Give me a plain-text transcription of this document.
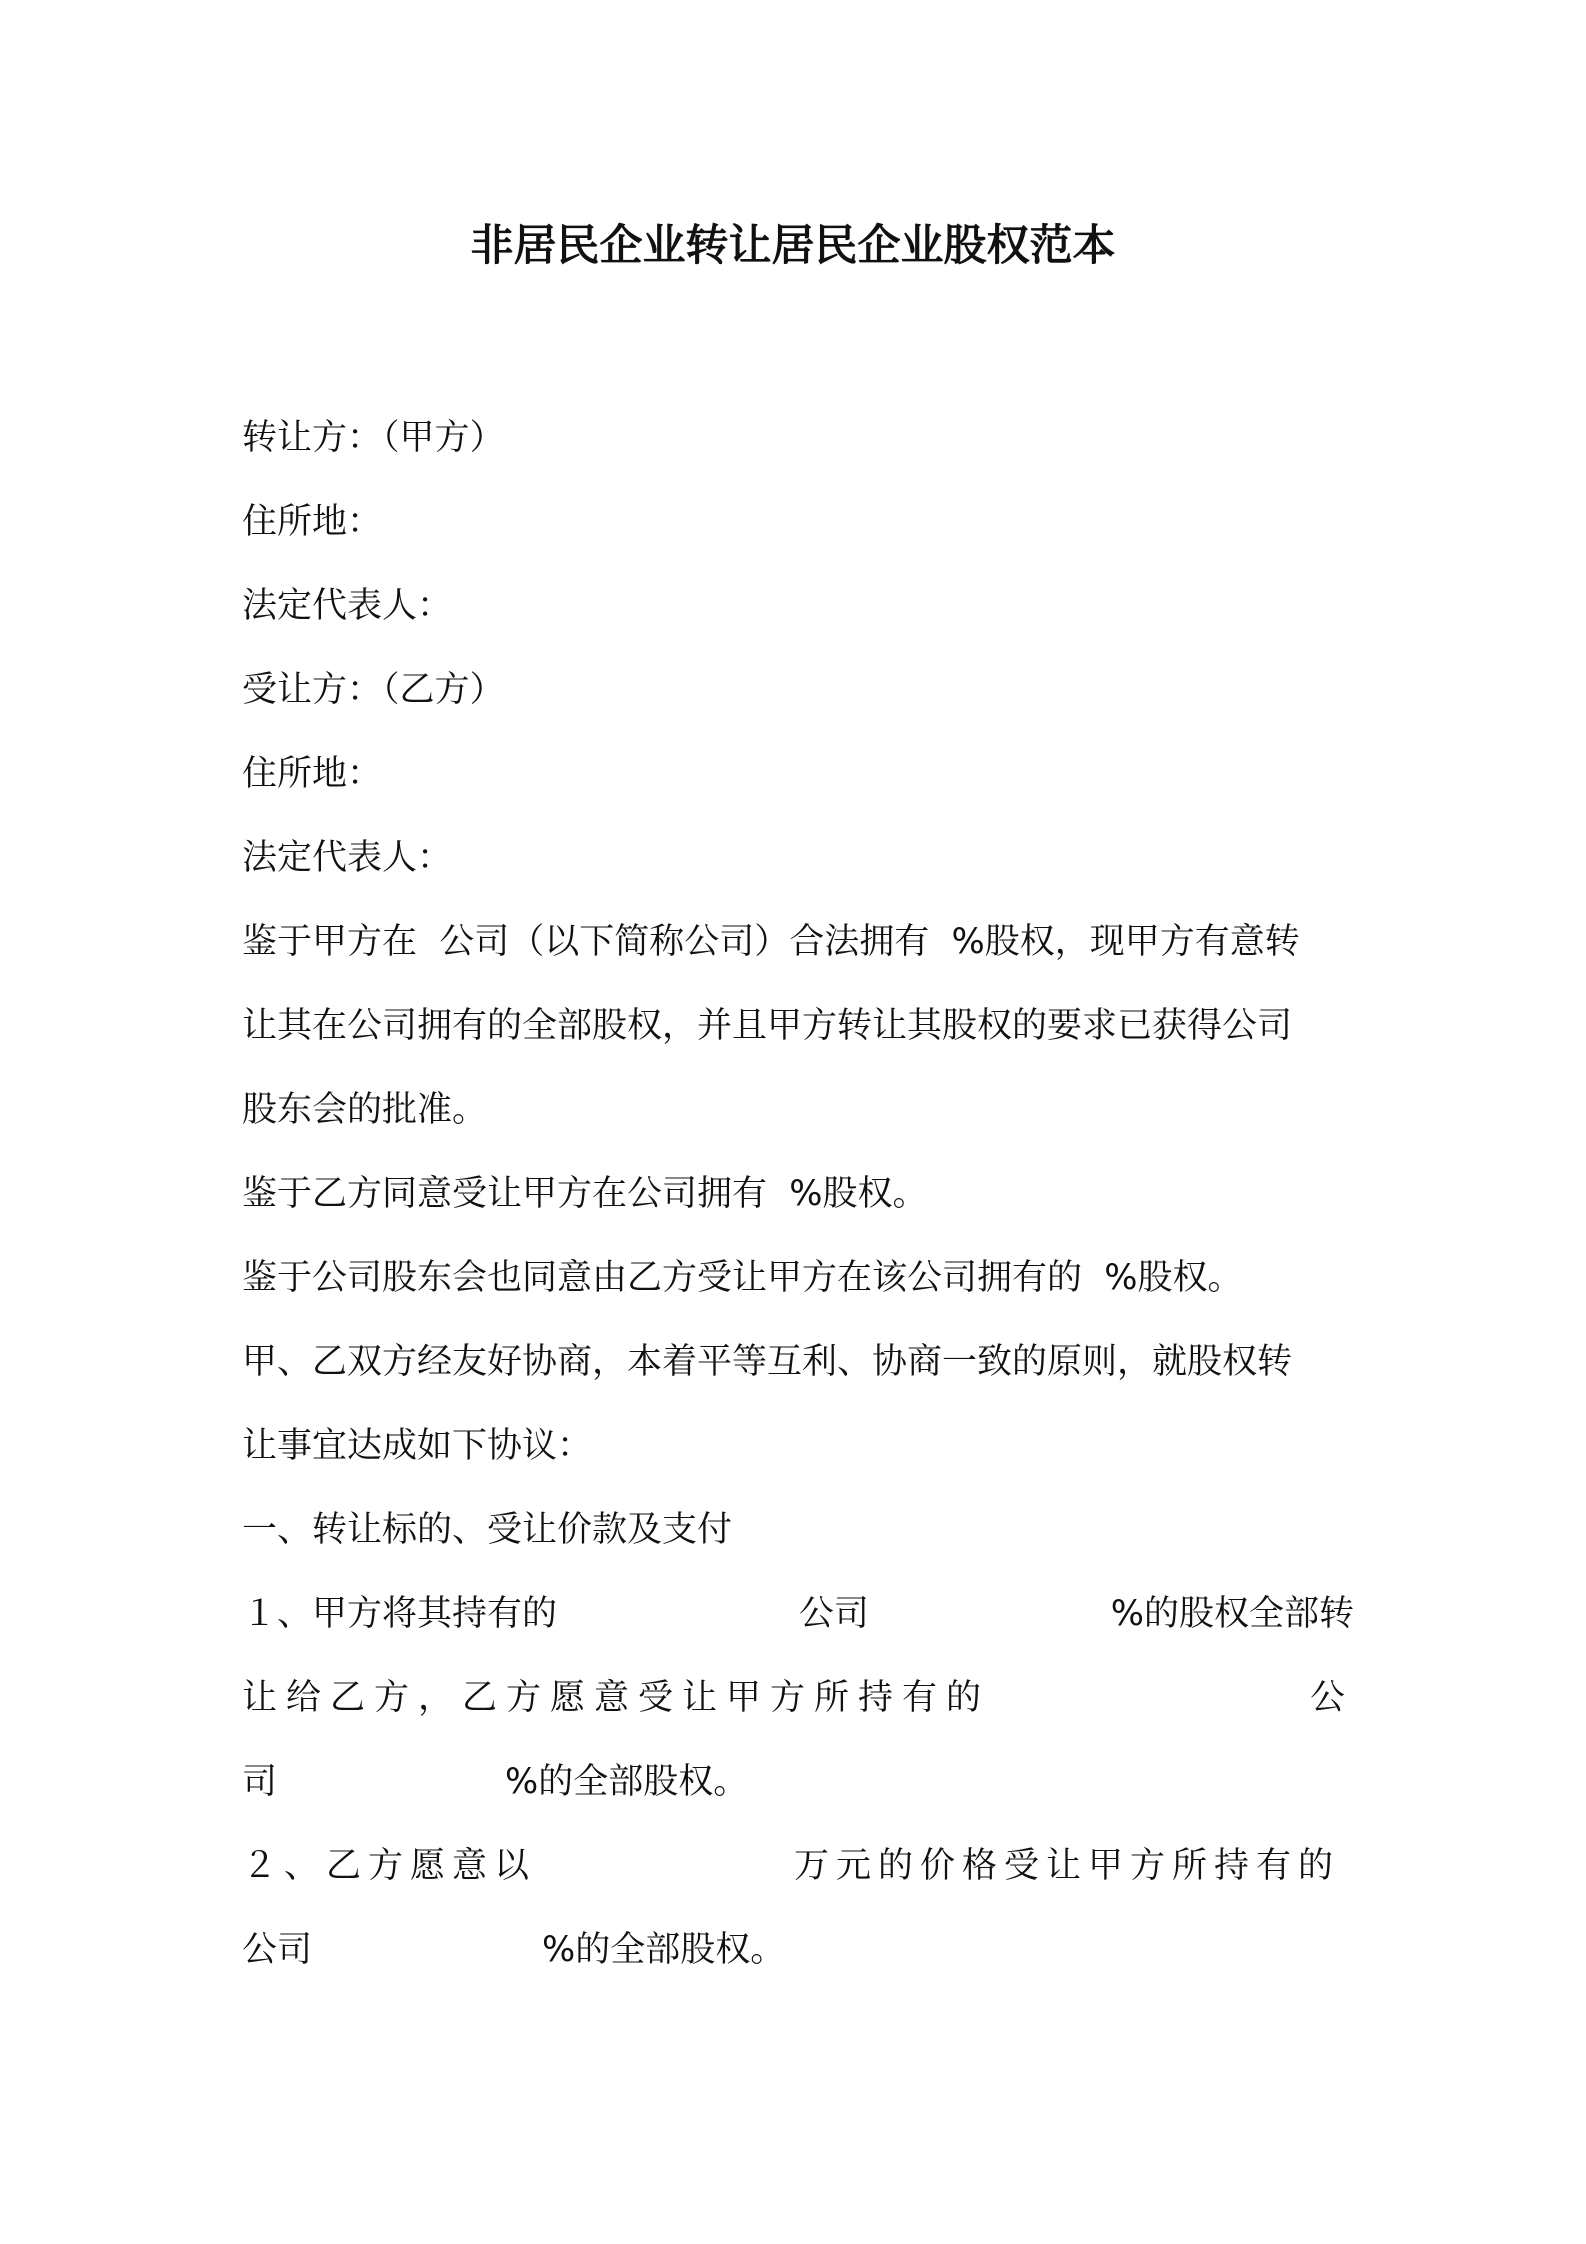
非居民企业转让居民企业股权范本
转让方：（甲方）
住所地：
法定代表人：
受让方：（乙方）
住所地：
法定代表人：
鉴于甲方在  公司（以下简称公司）合法拥有  %股权，现甲方有意转
让其在公司拥有的全部股权，并且甲方转让其股权的要求已获得公司
股东会的批准。
鉴于乙方同意受让甲方在公司拥有  %股权。
鉴于公司股东会也同意由乙方受让甲方在该公司拥有的  %股权。
甲、乙双方经友好协商，本着平等互利、协商一致的原则，就股权转
让事宜达成如下协议：
一、转让标的、受让价款及支付
１、甲方将其持有的	公司	%的股权全部转
让给乙方，乙方愿意受让甲方所持有的	公
司	%的全部股权。
２、乙方愿意以	万元的价格受让甲方所持有的
公司	%的全部股权。
